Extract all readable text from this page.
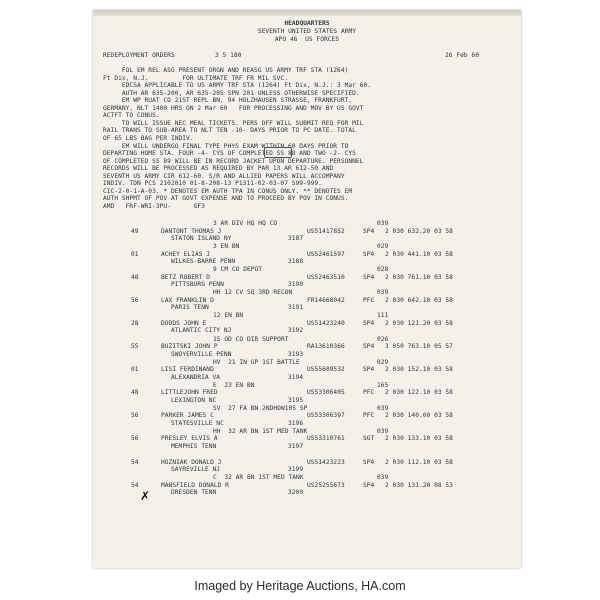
HEADQUARTERS
SEVENTH UNITED STATES ARMY
APO 46  US FORCES
REDEPLOYMENT ORDERS	3 5 180	26 Feb 60
FOL EM REL ASG PRESENT ORGN AND REASG US ARMY TRF STA (1264)
Ft Dix, N.J.         FOR ULTIMATE TRF FR MIL SVC.
EDCSA APPLICABLE TO US ARMY TRF STA (1264) Ft Dix, N.J.: 3 Mar 60.
AUTH AR 635-200, AR 635-205 SPN 201 UNLESS OTHERWISE SPECIFIED.
EM WP RUAT CO 21ST REPL BN, 94 HOLZHAUSEN STRASSE, FRANKFURT,
GERMANY, NLT 1400 HRS ON 2 Mar 60   FOR PROCESSING AND MOV BY US GOVT
ACTFT TO CONUS.
TO WILL ISSUE NEC MEAL TICKETS. PERS OFF WILL SUBMIT REQ FOR MIL
RAIL TRANS TO SUB-AREA TO NLT TEN -10- DAYS PRIOR TO PC DATE. TOTAL
OF 65 LBS BAG PER INDIV.
EM WILL UNDERGO FINAL TYPE PHYS EXAM WITHIN 60 DAYS PRIOR TO
DEPARTING HOME STA. FOUR -4- CYS OF COMPLETED SS 88 AND TWO -2- CYS
OF COMPLETED SS 89 WILL BE IN RECORD JACKET UPON DEPARTURE. PERSONNEL
RECORDS WILL BE PROCESSED AS REQUIRED BY PAR 13 AR 612-50 AND
SEVENTH US ARMY CIR 612-60. S/R AND ALLIED PAPERS WILL ACCOMPANY
INDIV. TDN PCS 2102010 01-8-208-13 P1311-02-03-07 S99-999.
CIC-2-0-1-A-03. * DENOTES EM AUTH TPA IN CONUS ONLY. ** DENOTES EM
AUTH SHPMT OF POV AT GOVT EXPENSE AND TO PROCEED BY POV IN CONUS.
AMD   FRF-WRI-3PU-      GF3
3 AR DIV HQ HQ CO	039
49	DANTONT THOMAS J	US51417852	SP4 2 030 632.20 03 58
STATON ISLAND NY	3187
3 EN BN	029
01	ACHEY ELIAS J	US52461597	SP4 2 030 441.10 03 58
WILKES-BARRE PENN	3188
9 CM CO DEPOT	028
48	BETZ ROBERT D	US52463510	SP4 2 030 761.10 03 58
PITTSBURG PENN	3190
HH 12 CV SQ 3RD RECON	039
56	LAX FRANKLIN D	FR14668042	PFC 2 030 642.10 03 58
PARIS TENN	3191
12 EN BN	111
28	DODDS JOHN E	US51423240	SP4 2 030 121.20 03 58
ATLANTIC CITY NJ	3192
15 OD CO DIR SUPPORT	026
55	BUZITSKI JOHN P	RA13610366	SP4 3 050 763.10 05 57
SWOYERVILLE PENN	3193
HV  21 IN GP 1ST BATTLE	029
01	LISI FERDINAND	US55609532	SP4 2 030 152.10 03 58
ALEXANDRIA VA	3194
E  23 EN BN	165
48	LITTLEJOHN FRED	US53306405	PFC 2 030 122.10 03 58
LEXINGTON NC	3195
SV  27 FA BN 2NDHOW105 SP	039
56	PARKER JAMES C	US53306397	PFC 2 030 140.00 03 58
STATESVILLE NC	3196
HH  32 AR BN 1ST MED TANK	039
56	PRESLEY ELVIS A	US53310761	SGT 2 030 133.10 03 58
MEMPHIS TENN	3197
54	HOZNIAK DONALD J	US51423223	SP4 2 030 112.10 03 58
SAYREVILLE NJ	3199
C  32 AR BN 1ST MED TANK	039
54	MANSFIELD DONALD R	US25255673	SP4 2 030 131.20 08 53
DRESDEN TENN	3200
✗
Imaged by Heritage Auctions, HA.com
